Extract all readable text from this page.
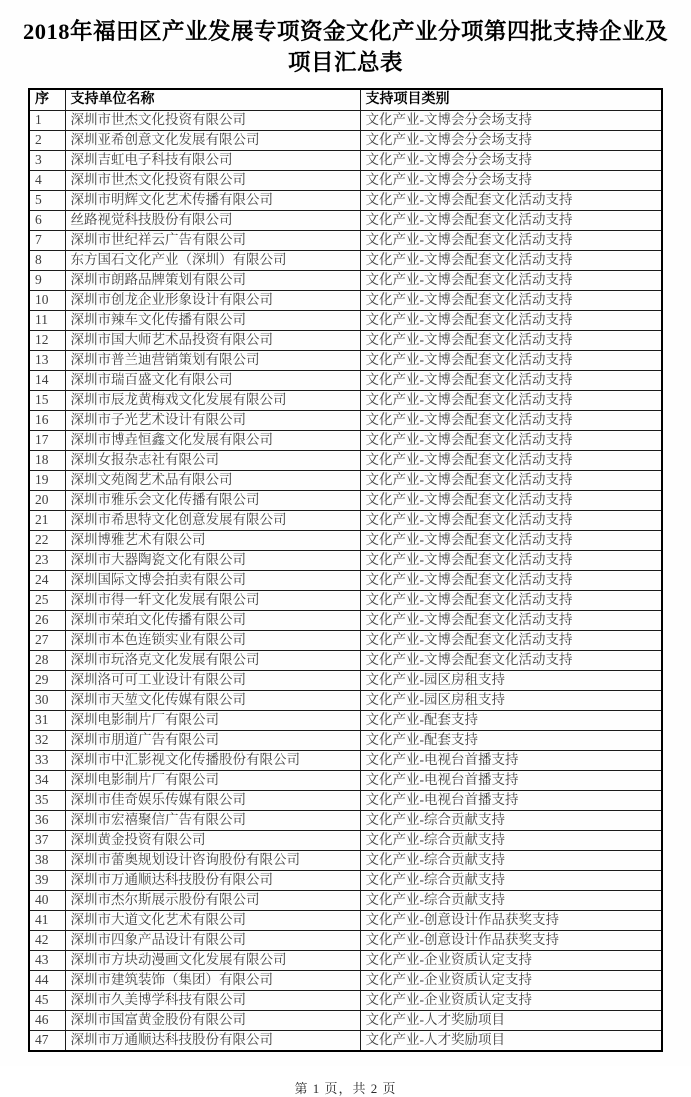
2018年福田区产业发展专项资金文化产业分项第四批支持企业及项目汇总表
序	支持单位名称	支持项目类别
1	深圳市世杰文化投资有限公司	文化产业-文博会分会场支持
2	深圳亚希创意文化发展有限公司	文化产业-文博会分会场支持
3	深圳吉虹电子科技有限公司	文化产业-文博会分会场支持
4	深圳市世杰文化投资有限公司	文化产业-文博会分会场支持
5	深圳市明辉文化艺术传播有限公司	文化产业-文博会配套文化活动支持
6	丝路视觉科技股份有限公司	文化产业-文博会配套文化活动支持
7	深圳市世纪祥云广告有限公司	文化产业-文博会配套文化活动支持
8	东方国石文化产业（深圳）有限公司	文化产业-文博会配套文化活动支持
9	深圳市朗路品牌策划有限公司	文化产业-文博会配套文化活动支持
10	深圳市创龙企业形象设计有限公司	文化产业-文博会配套文化活动支持
11	深圳市辣车文化传播有限公司	文化产业-文博会配套文化活动支持
12	深圳市国大师艺术品投资有限公司	文化产业-文博会配套文化活动支持
13	深圳市普兰迪营销策划有限公司	文化产业-文博会配套文化活动支持
14	深圳市瑞百盛文化有限公司	文化产业-文博会配套文化活动支持
15	深圳市辰龙黄梅戏文化发展有限公司	文化产业-文博会配套文化活动支持
16	深圳市子光艺术设计有限公司	文化产业-文博会配套文化活动支持
17	深圳市博垚恒鑫文化发展有限公司	文化产业-文博会配套文化活动支持
18	深圳女报杂志社有限公司	文化产业-文博会配套文化活动支持
19	深圳文苑阁艺术品有限公司	文化产业-文博会配套文化活动支持
20	深圳市雅乐会文化传播有限公司	文化产业-文博会配套文化活动支持
21	深圳市希思特文化创意发展有限公司	文化产业-文博会配套文化活动支持
22	深圳博雅艺术有限公司	文化产业-文博会配套文化活动支持
23	深圳市大器陶瓷文化有限公司	文化产业-文博会配套文化活动支持
24	深圳国际文博会拍卖有限公司	文化产业-文博会配套文化活动支持
25	深圳市得一轩文化发展有限公司	文化产业-文博会配套文化活动支持
26	深圳市荣珀文化传播有限公司	文化产业-文博会配套文化活动支持
27	深圳市本色连锁实业有限公司	文化产业-文博会配套文化活动支持
28	深圳市玩洛克文化发展有限公司	文化产业-文博会配套文化活动支持
29	深圳洛可可工业设计有限公司	文化产业-园区房租支持
30	深圳市天堃文化传媒有限公司	文化产业-园区房租支持
31	深圳电影制片厂有限公司	文化产业-配套支持
32	深圳市朋道广告有限公司	文化产业-配套支持
33	深圳市中汇影视文化传播股份有限公司	文化产业-电视台首播支持
34	深圳电影制片厂有限公司	文化产业-电视台首播支持
35	深圳市佳奇娱乐传媒有限公司	文化产业-电视台首播支持
36	深圳市宏禧聚信广告有限公司	文化产业-综合贡献支持
37	深圳黄金投资有限公司	文化产业-综合贡献支持
38	深圳市蕾奥规划设计咨询股份有限公司	文化产业-综合贡献支持
39	深圳市万通顺达科技股份有限公司	文化产业-综合贡献支持
40	深圳市杰尔斯展示股份有限公司	文化产业-综合贡献支持
41	深圳市大道文化艺术有限公司	文化产业-创意设计作品获奖支持
42	深圳市四象产品设计有限公司	文化产业-创意设计作品获奖支持
43	深圳市方块动漫画文化发展有限公司	文化产业-企业资质认定支持
44	深圳市建筑装饰（集团）有限公司	文化产业-企业资质认定支持
45	深圳市久美博学科技有限公司	文化产业-企业资质认定支持
46	深圳市国富黄金股份有限公司	文化产业-人才奖励项目
47	深圳市万通顺达科技股份有限公司	文化产业-人才奖励项目
第 1 页，共 2 页
